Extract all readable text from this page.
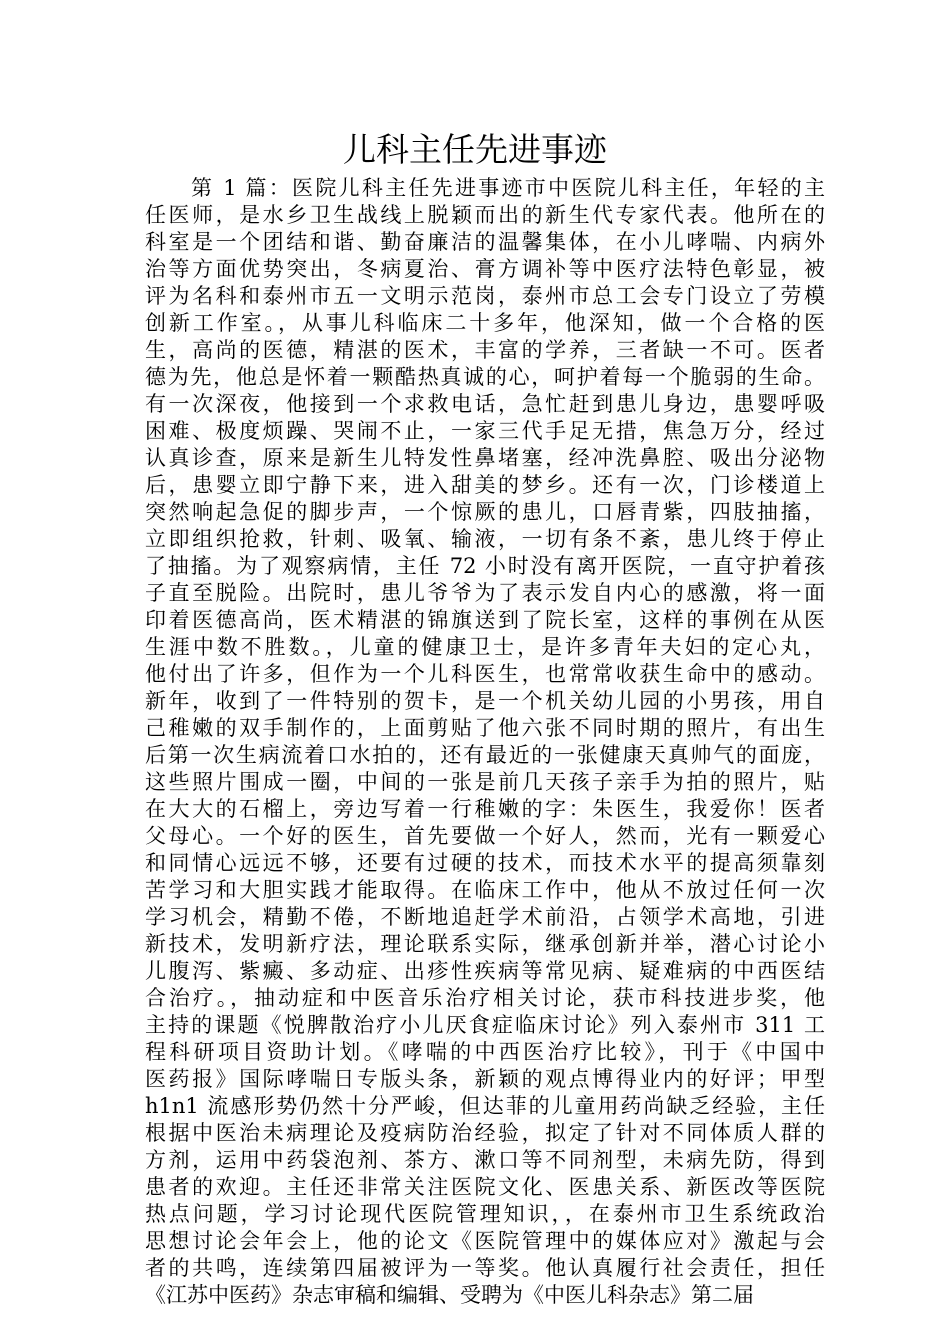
儿科主任先进事迹
第 1 篇：医院儿科主任先进事迹市中医院儿科主任，年轻的主
任医师，是水乡卫生战线上脱颖而出的新生代专家代表。他所在的
科室是一个团结和谐、勤奋廉洁的温馨集体，在小儿哮喘、内病外
治等方面优势突出，冬病夏治、膏方调补等中医疗法特色彰显，被
评为名科和泰州市五一文明示范岗，泰州市总工会专门设立了劳模
创新工作室。，从事儿科临床二十多年，他深知，做一个合格的医
生，高尚的医德，精湛的医术，丰富的学养，三者缺一不可。医者
德为先，他总是怀着一颗酷热真诚的心，呵护着每一个脆弱的生命。
有一次深夜，他接到一个求救电话，急忙赶到患儿身边，患婴呼吸
困难、极度烦躁、哭闹不止，一家三代手足无措，焦急万分，经过
认真诊查，原来是新生儿特发性鼻堵塞，经冲洗鼻腔、吸出分泌物
后，患婴立即宁静下来，进入甜美的梦乡。还有一次，门诊楼道上
突然响起急促的脚步声，一个惊厥的患儿，口唇青紫，四肢抽搐，
立即组织抢救，针刺、吸氧、输液，一切有条不紊，患儿终于停止
了抽搐。为了观察病情，主任 72 小时没有离开医院，一直守护着孩
子直至脱险。出院时，患儿爷爷为了表示发自内心的感激，将一面
印着医德高尚，医术精湛的锦旗送到了院长室，这样的事例在从医
生涯中数不胜数。，儿童的健康卫士，是许多青年夫妇的定心丸，
他付出了许多，但作为一个儿科医生，也常常收获生命中的感动。
新年，收到了一件特别的贺卡，是一个机关幼儿园的小男孩，用自
己稚嫩的双手制作的，上面剪贴了他六张不同时期的照片，有出生
后第一次生病流着口水拍的，还有最近的一张健康天真帅气的面庞，
这些照片围成一圈，中间的一张是前几天孩子亲手为拍的照片，贴
在大大的石榴上，旁边写着一行稚嫩的字：朱医生，我爱你！医者
父母心。一个好的医生，首先要做一个好人，然而，光有一颗爱心
和同情心远远不够，还要有过硬的技术，而技术水平的提高须靠刻
苦学习和大胆实践才能取得。在临床工作中，他从不放过任何一次
学习机会，精勤不倦，不断地追赶学术前沿，占领学术高地，引进
新技术，发明新疗法，理论联系实际，继承创新并举，潜心讨论小
儿腹泻、紫癜、多动症、出疹性疾病等常见病、疑难病的中西医结
合治疗。，抽动症和中医音乐治疗相关讨论，获市科技进步奖，他
主持的课题《悦脾散治疗小儿厌食症临床讨论》列入泰州市 311 工
程科研项目资助计划。《哮喘的中西医治疗比较》，刊于《中国中
医药报》国际哮喘日专版头条，新颖的观点博得业内的好评；甲型
h1n1 流感形势仍然十分严峻，但达菲的儿童用药尚缺乏经验，主任
根据中医治未病理论及疫病防治经验，拟定了针对不同体质人群的
方剂，运用中药袋泡剂、茶方、漱口等不同剂型，未病先防，得到
患者的欢迎。主任还非常关注医院文化、医患关系、新医改等医院
热点问题，学习讨论现代医院管理知识，，在泰州市卫生系统政治
思想讨论会年会上，他的论文《医院管理中的媒体应对》激起与会
者的共鸣，连续第四届被评为一等奖。他认真履行社会责任，担任
《江苏中医药》杂志审稿和编辑、受聘为《中医儿科杂志》第二届
